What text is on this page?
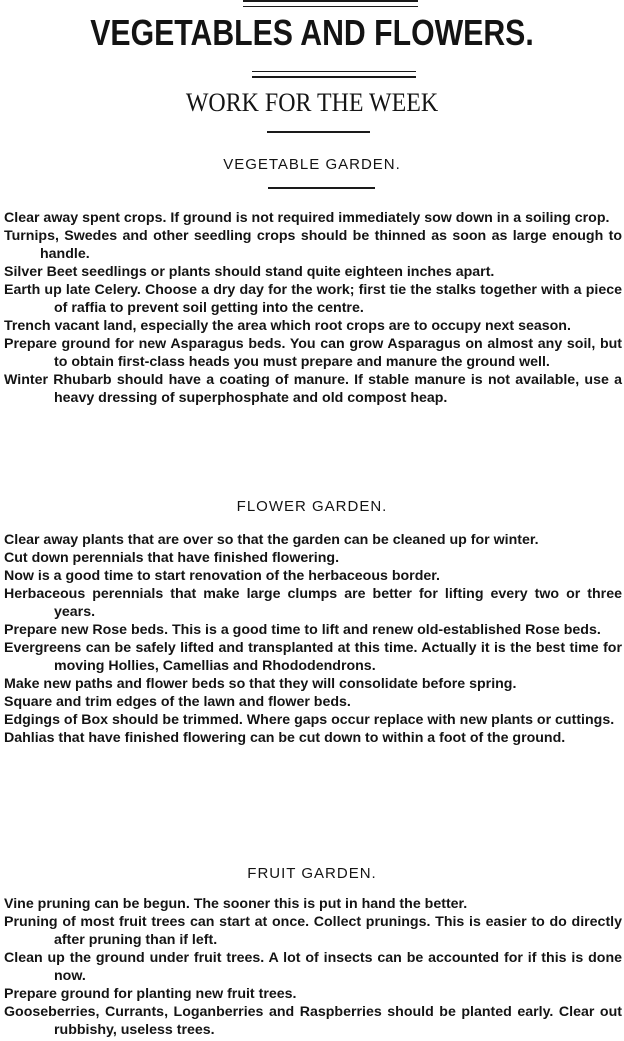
VEGETABLES AND FLOWERS.
WORK FOR THE WEEK
VEGETABLE GARDEN.
Clear away spent crops. If ground is not required immediately sow down in a soiling crop.
Turnips, Swedes and other seedling crops should be thinned as soon as large enough to handle.
Silver Beet seedlings or plants should stand quite eighteen inches apart.
Earth up late Celery. Choose a dry day for the work; first tie the stalks together with a piece of raffia to prevent soil getting into the centre.
Trench vacant land, especially the area which root crops are to occupy next season.
Prepare ground for new Asparagus beds. You can grow Asparagus on almost any soil, but to obtain first-class heads you must prepare and manure the ground well.
Winter Rhubarb should have a coating of manure. If stable manure is not available, use a heavy dressing of superphosphate and old compost heap.
FLOWER GARDEN.
Clear away plants that are over so that the garden can be cleaned up for winter.
Cut down perennials that have finished flowering.
Now is a good time to start renovation of the herbaceous border.
Herbaceous perennials that make large clumps are better for lifting every two or three years.
Prepare new Rose beds. This is a good time to lift and renew old-established Rose beds.
Evergreens can be safely lifted and transplanted at this time. Actually it is the best time for moving Hollies, Camellias and Rhododendrons.
Make new paths and flower beds so that they will consolidate before spring.
Square and trim edges of the lawn and flower beds.
Edgings of Box should be trimmed. Where gaps occur replace with new plants or cuttings.
Dahlias that have finished flowering can be cut down to within a foot of the ground.
FRUIT GARDEN.
Vine pruning can be begun. The sooner this is put in hand the better.
Pruning of most fruit trees can start at once. Collect prunings. This is easier to do directly after pruning than if left.
Clean up the ground under fruit trees. A lot of insects can be accounted for if this is done now.
Prepare ground for planting new fruit trees.
Gooseberries, Currants, Loganberries and Raspberries should be planted early. Clear out rubbishy, useless trees.
